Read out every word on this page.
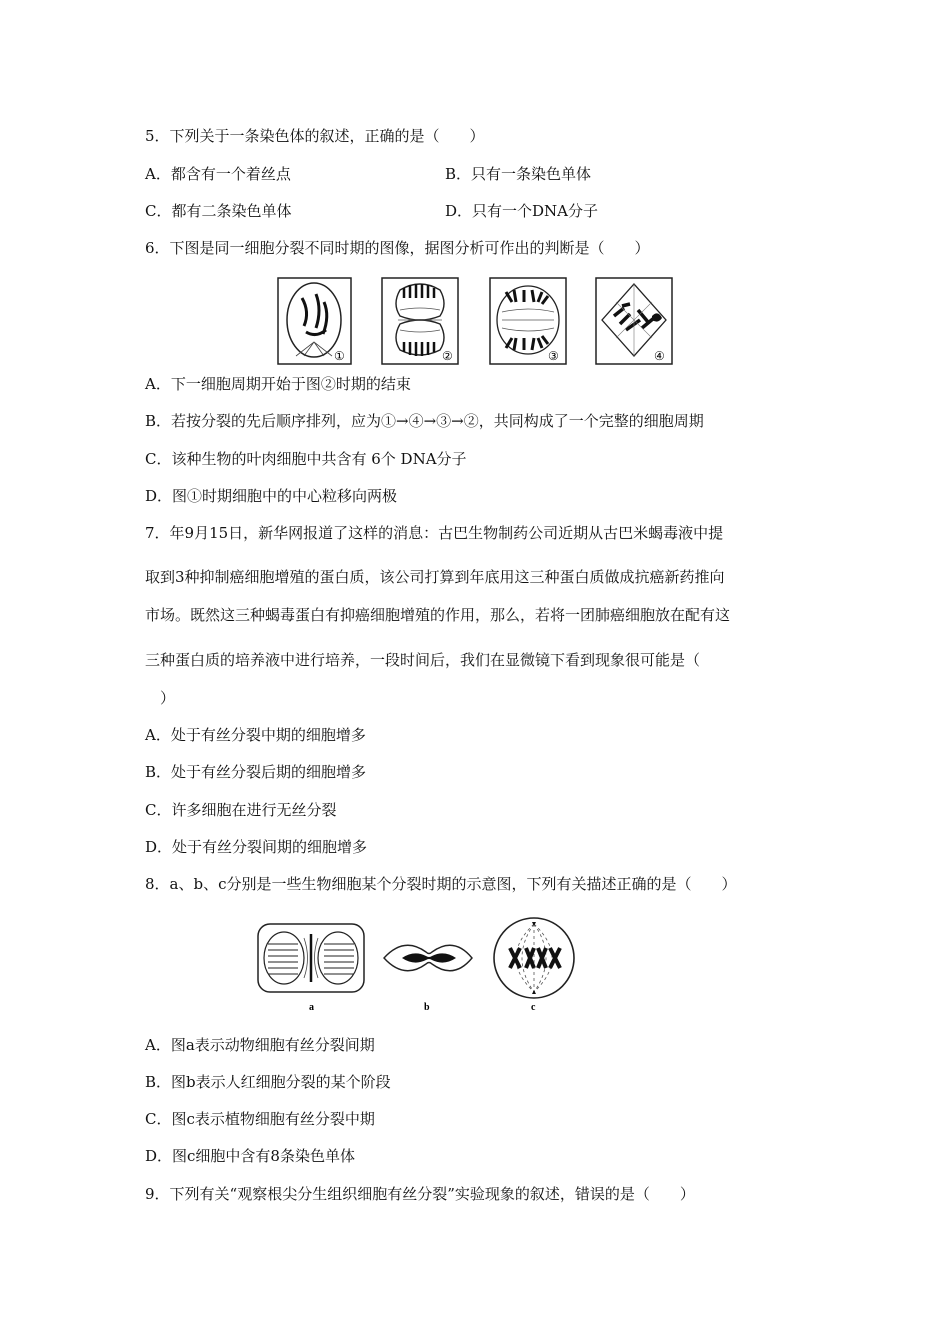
5．下列关于一条染色体的叙述，正确的是（　　）
A．都含有一个着丝点	B．只有一条染色单体
C．都有二条染色单体	D．只有一个DNA分子
6．下图是同一细胞分裂不同时期的图像，据图分析可作出的判断是（　　）
①	②	③	④
A．下一细胞周期开始于图②时期的结束
B．若按分裂的先后顺序排列，应为①→④→③→②，共同构成了一个完整的细胞周期
C．该种生物的叶肉细胞中共含有 6个 DNA分子
D．图①时期细胞中的中心粒移向两极
7．年9月15日，新华网报道了这样的消息：古巴生物制药公司近期从古巴米蝎毒液中提
取到3种抑制癌细胞增殖的蛋白质，该公司打算到年底用这三种蛋白质做成抗癌新药推向
市场。既然这三种蝎毒蛋白有抑癌细胞增殖的作用，那么，若将一团肺癌细胞放在配有这
三种蛋白质的培养液中进行培养，一段时间后，我们在显微镜下看到现象很可能是（
）
A．处于有丝分裂中期的细胞增多
B．处于有丝分裂后期的细胞增多
C．许多细胞在进行无丝分裂
D．处于有丝分裂间期的细胞增多
8．a、b、c分别是一些生物细胞某个分裂时期的示意图，下列有关描述正确的是（　　）
a	b	c
A．图a表示动物细胞有丝分裂间期
B．图b表示人红细胞分裂的某个阶段
C．图c表示植物细胞有丝分裂中期
D．图c细胞中含有8条染色单体
9．下列有关“观察根尖分生组织细胞有丝分裂”实验现象的叙述，错误的是（　　）
